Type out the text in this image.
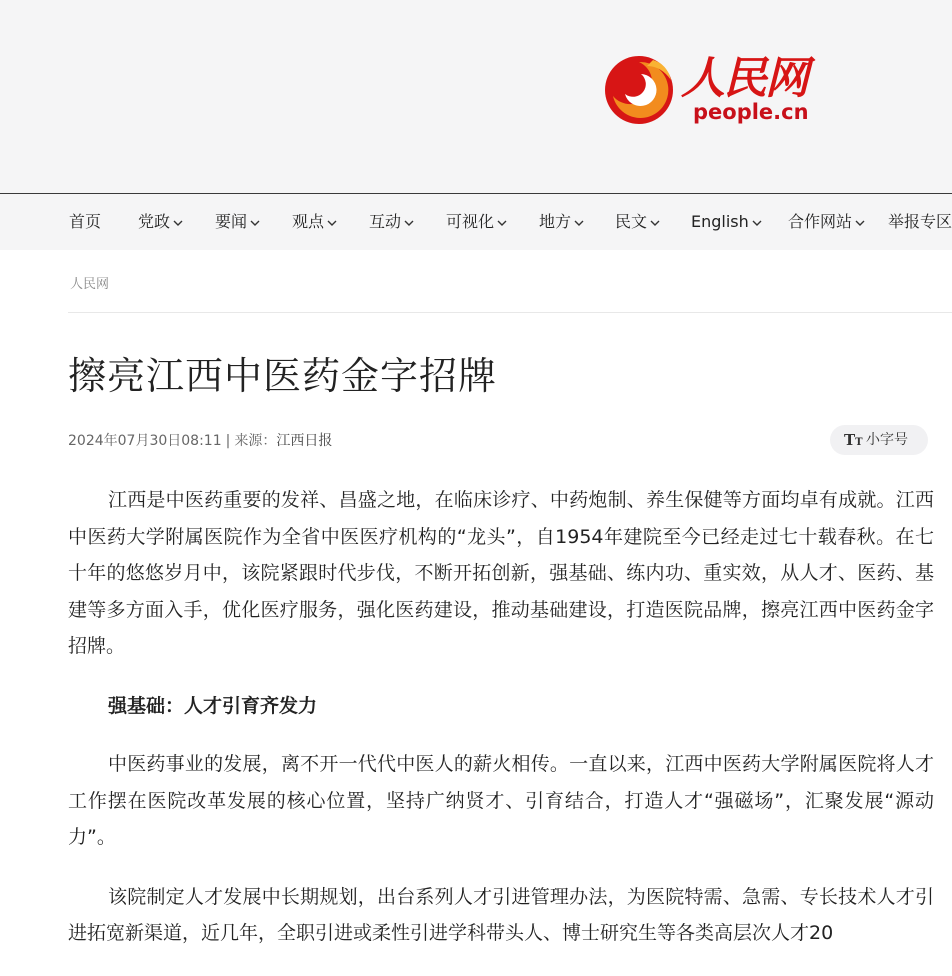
人民网
people.cn
首页 党政	要闻	观点	互动	可视化	地方	民文	English	合作网站	举报专区
人民网
擦亮江西中医药金字招牌
2024年07月30日08:11 | 来源：江西日报	TT 小字号

江西是中医药重要的发祥、昌盛之地，在临床诊疗、中药炮制、养生保健等方面均卓有成就。江西中医药大学附属医院作为全省中医医疗机构的“龙头”，自1954年建院至今已经走过七十载春秋。在七十年的悠悠岁月中，该院紧跟时代步伐，不断开拓创新，强基础、练内功、重实效，从人才、医药、基建等多方面入手，优化医疗服务，强化医药建设，推动基础建设，打造医院品牌，擦亮江西中医药金字招牌。

强基础：人才引育齐发力

中医药事业的发展，离不开一代代中医人的薪火相传。一直以来，江西中医药大学附属医院将人才工作摆在医院改革发展的核心位置，坚持广纳贤才、引育结合，打造人才“强磁场”，汇聚发展“源动力”。

该院制定人才发展中长期规划，出台系列人才引进管理办法，为医院特需、急需、专长技术人才引进拓宽新渠道，近几年，全职引进或柔性引进学科带头人、博士研究生等各类高层次人才20
